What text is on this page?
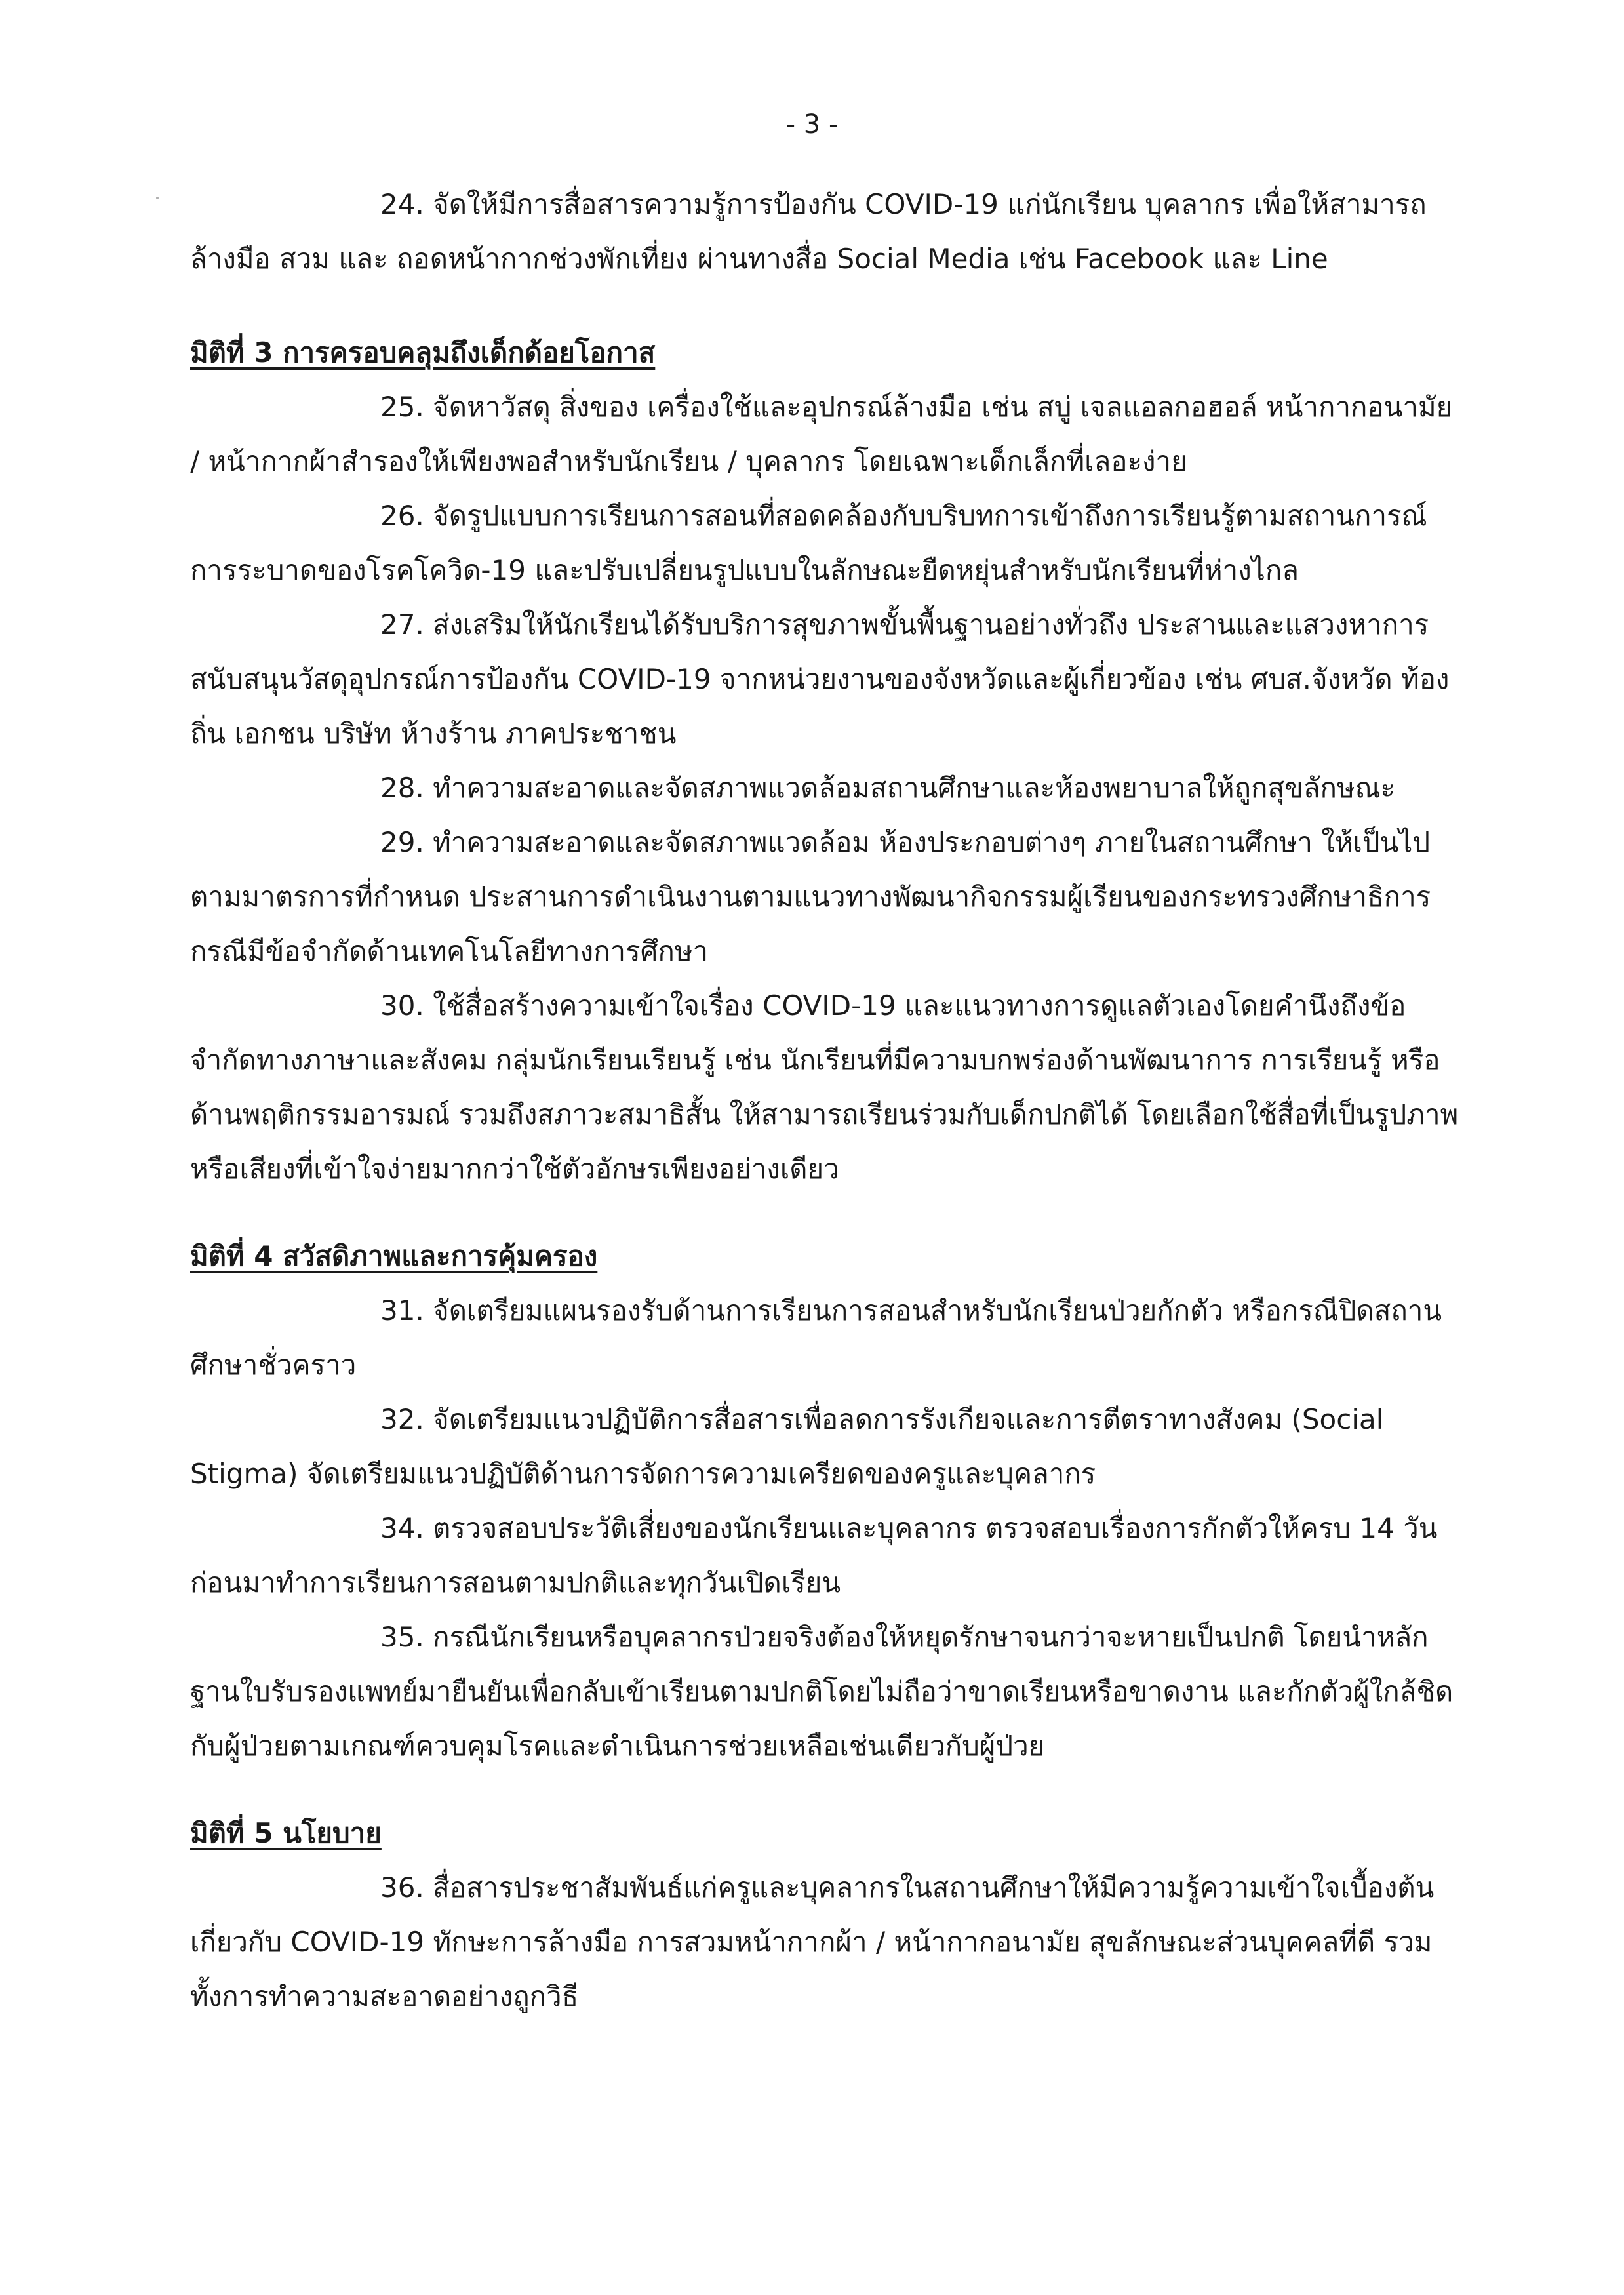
- 3 -

24. จัดให้มีการสื่อสารความรู้การป้องกัน COVID-19 แก่นักเรียน บุคลากร เพื่อให้สามารถล้างมือ สวม และ ถอดหน้ากากช่วงพักเที่ยง ผ่านทางสื่อ Social Media เช่น Facebook และ Line

มิติที่ 3 การครอบคลุมถึงเด็กด้อยโอกาส

25. จัดหาวัสดุ สิ่งของ เครื่องใช้และอุปกรณ์ล้างมือ เช่น สบู่ เจลแอลกอฮอล์ หน้ากากอนามัย / หน้ากากผ้าสำรองให้เพียงพอสำหรับนักเรียน / บุคลากร โดยเฉพาะเด็กเล็กที่เลอะง่าย

26. จัดรูปแบบการเรียนการสอนที่สอดคล้องกับบริบทการเข้าถึงการเรียนรู้ตามสถานการณ์การระบาดของโรคโควิด-19 และปรับเปลี่ยนรูปแบบในลักษณะยืดหยุ่นสำหรับนักเรียนที่ห่างไกล

27. ส่งเสริมให้นักเรียนได้รับบริการสุขภาพขั้นพื้นฐานอย่างทั่วถึง ประสานและแสวงหาการสนับสนุนวัสดุอุปกรณ์การป้องกัน COVID-19 จากหน่วยงานของจังหวัดและผู้เกี่ยวข้อง เช่น ศบส.จังหวัด ท้องถิ่น เอกชน บริษัท ห้างร้าน ภาคประชาชน

28. ทำความสะอาดและจัดสภาพแวดล้อมสถานศึกษาและห้องพยาบาลให้ถูกสุขลักษณะ

29. ทำความสะอาดและจัดสภาพแวดล้อม ห้องประกอบต่างๆ ภายในสถานศึกษา ให้เป็นไปตามมาตรการที่กำหนด ประสานการดำเนินงานตามแนวทางพัฒนากิจกรรมผู้เรียนของกระทรวงศึกษาธิการ กรณีมีข้อจำกัดด้านเทคโนโลยีทางการศึกษา

30. ใช้สื่อสร้างความเข้าใจเรื่อง COVID-19 และแนวทางการดูแลตัวเองโดยคำนึงถึงข้อจำกัดทางภาษาและสังคม กลุ่มนักเรียนเรียนรู้ เช่น นักเรียนที่มีความบกพร่องด้านพัฒนาการ การเรียนรู้ หรือด้านพฤติกรรมอารมณ์ รวมถึงสภาวะสมาธิสั้น ให้สามารถเรียนร่วมกับเด็กปกติได้ โดยเลือกใช้สื่อที่เป็นรูปภาพหรือเสียงที่เข้าใจง่ายมากกว่าใช้ตัวอักษรเพียงอย่างเดียว

มิติที่ 4 สวัสดิภาพและการคุ้มครอง

31. จัดเตรียมแผนรองรับด้านการเรียนการสอนสำหรับนักเรียนป่วยกักตัว หรือกรณีปิดสถานศึกษาชั่วคราว

32. จัดเตรียมแนวปฏิบัติการสื่อสารเพื่อลดการรังเกียจและการตีตราทางสังคม (Social Stigma) จัดเตรียมแนวปฏิบัติด้านการจัดการความเครียดของครูและบุคลากร

34. ตรวจสอบประวัติเสี่ยงของนักเรียนและบุคลากร ตรวจสอบเรื่องการกักตัวให้ครบ 14 วัน ก่อนมาทำการเรียนการสอนตามปกติและทุกวันเปิดเรียน

35. กรณีนักเรียนหรือบุคลากรป่วยจริงต้องให้หยุดรักษาจนกว่าจะหายเป็นปกติ โดยนำหลักฐานใบรับรองแพทย์มายืนยันเพื่อกลับเข้าเรียนตามปกติโดยไม่ถือว่าขาดเรียนหรือขาดงาน และกักตัวผู้ใกล้ชิดกับผู้ป่วยตามเกณฑ์ควบคุมโรคและดำเนินการช่วยเหลือเช่นเดียวกับผู้ป่วย

มิติที่ 5 นโยบาย

36. สื่อสารประชาสัมพันธ์แก่ครูและบุคลากรในสถานศึกษาให้มีความรู้ความเข้าใจเบื้องต้นเกี่ยวกับ COVID-19 ทักษะการล้างมือ การสวมหน้ากากผ้า / หน้ากากอนามัย สุขลักษณะส่วนบุคคลที่ดี รวมทั้งการทำความสะอาดอย่างถูกวิธี
